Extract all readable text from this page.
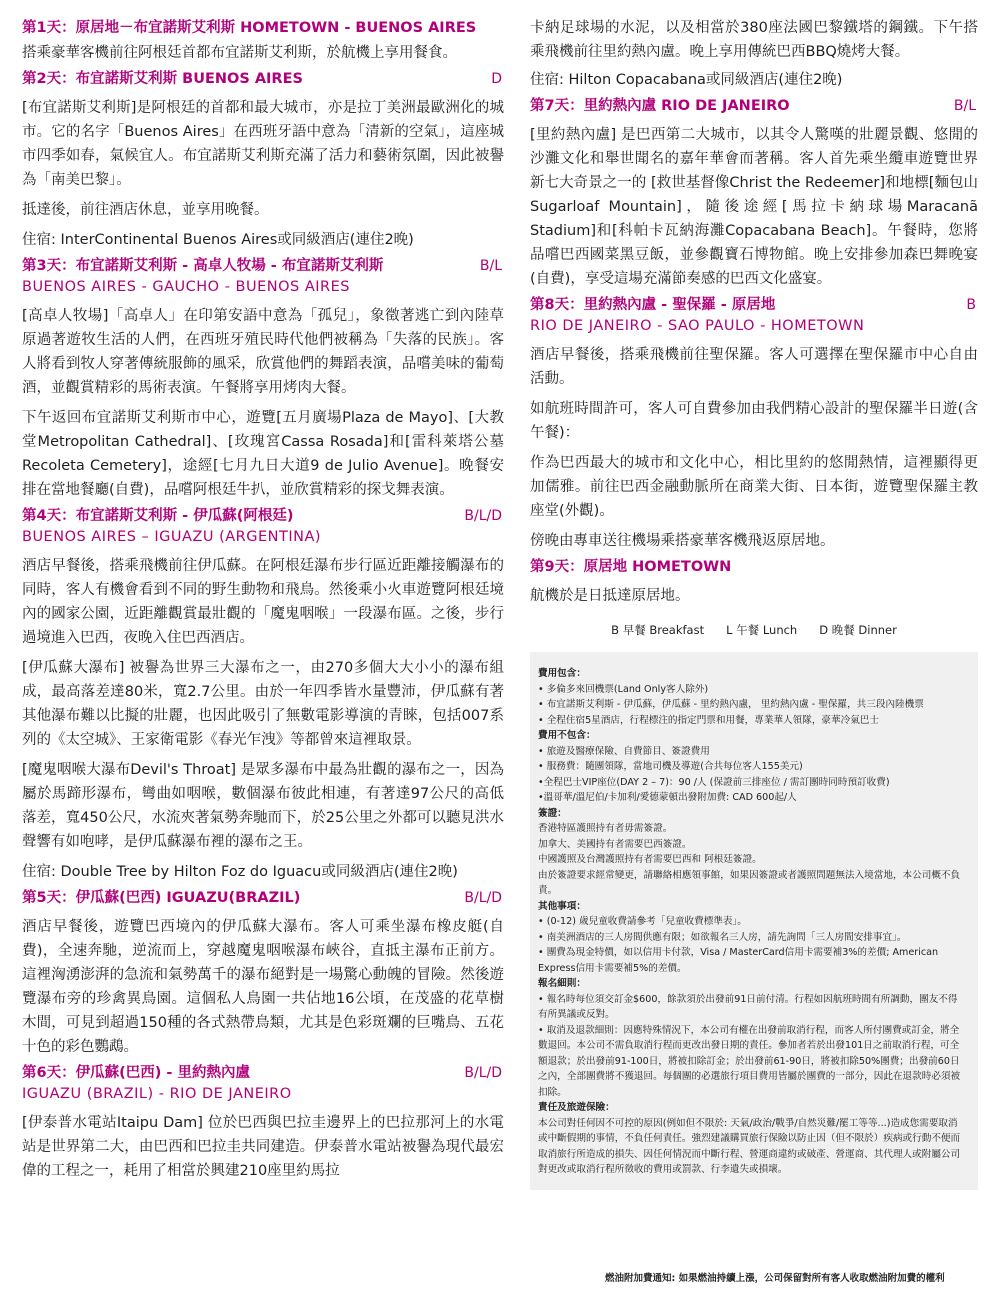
第1天：原居地－布宜諾斯艾利斯 HOMETOWN - BUENOS AIRES
搭乘豪華客機前往阿根廷首都布宜諾斯艾利斯，於航機上享用餐食。
第2天：布宜諾斯艾利斯 BUENOS AIRES	D
[布宜諾斯艾利斯]是阿根廷的首都和最大城市，亦是拉丁美洲最歐洲化的城市。它的名字「Buenos Aires」在西班牙語中意為「清新的空氣」，這座城市四季如春，氣候宜人。布宜諾斯艾利斯充滿了活力和藝術氛圍，因此被譽為「南美巴黎」。
抵達後，前往酒店休息，並享用晚餐。
住宿: InterContinental Buenos Aires或同級酒店(連住2晚)
第3天：布宜諾斯艾利斯 - 高卓人牧場 - 布宜諾斯艾利斯	B/L
BUENOS AIRES - GAUCHO - BUENOS AIRES
[高卓人牧場]「高卓人」在印第安語中意為「孤兒」，象徵著逃亡到內陸草原過著遊牧生活的人們，在西班牙殖民時代他們被稱為「失落的民族」。客人將看到牧人穿著傳統服飾的風采，欣賞他們的舞蹈表演，品嚐美味的葡萄酒，並觀賞精彩的馬術表演。午餐將享用烤肉大餐。
下午返回布宜諾斯艾利斯市中心，遊覽[五月廣場Plaza de Mayo]、[大教堂Metropolitan Cathedral]、[玫瑰宮Cassa Rosada]和[雷科萊塔公墓Recoleta Cemetery]，途經[七月九日大道9 de Julio Avenue]。晚餐安排在當地餐廳(自費)，品嚐阿根廷牛扒，並欣賞精彩的探戈舞表演。
第4天：布宜諾斯艾利斯 - 伊瓜蘇(阿根廷)	B/L/D
BUENOS AIRES – IGUAZU (ARGENTINA)
酒店早餐後，搭乘飛機前往伊瓜蘇。在阿根廷瀑布步行區近距離接觸瀑布的同時，客人有機會看到不同的野生動物和飛鳥。然後乘小火車遊覽阿根廷境內的國家公園，近距離觀賞最壯觀的「魔鬼咽喉」一段瀑布區。之後，步行過境進入巴西，夜晚入住巴西酒店。
[伊瓜蘇大瀑布] 被譽為世界三大瀑布之一，由270多個大大小小的瀑布組成，最高落差達80米，寬2.7公里。由於一年四季皆水量豐沛，伊瓜蘇有著其他瀑布難以比擬的壯麗，也因此吸引了無數電影導演的青睞，包括007系列的《太空城》、王家衛電影《春光乍洩》等都曾來這裡取景。
[魔鬼咽喉大瀑布Devil's Throat] 是眾多瀑布中最為壯觀的瀑布之一，因為屬於馬蹄形瀑布，彎曲如咽喉，數個瀑布彼此相連，有著達97公尺的高低落差，寬450公尺，水流夾著氣勢奔馳而下，於25公里之外都可以聽見洪水聲響有如咆哮，是伊瓜蘇瀑布裡的瀑布之王。
住宿: Double Tree by Hilton Foz do Iguacu或同級酒店(連住2晚)
第5天：伊瓜蘇(巴西) IGUAZU(BRAZIL)	B/L/D
酒店早餐後，遊覽巴西境內的伊瓜蘇大瀑布。客人可乘坐瀑布橡皮艇(自費)，全速奔馳，逆流而上，穿越魔鬼咽喉瀑布峽谷，直抵主瀑布正前方。這裡洶湧澎湃的急流和氣勢萬千的瀑布絕對是一場驚心動魄的冒險。然後遊覽瀑布旁的珍禽異鳥園。這個私人鳥園一共佔地16公頃，在茂盛的花草樹木間，可見到超過150種的各式熱帶鳥類，尤其是色彩斑斕的巨嘴鳥、五花十色的彩色鸚鵡。
第6天：伊瓜蘇(巴西) - 里約熱內盧	B/L/D
IGUAZU (BRAZIL) - RIO DE JANEIRO
[伊泰普水電站Itaipu Dam] 位於巴西與巴拉圭邊界上的巴拉那河上的水電站是世界第二大，由巴西和巴拉圭共同建造。伊泰普水電站被譽為現代最宏偉的工程之一，耗用了相當於興建210座里約馬拉
卡納足球場的水泥，以及相當於380座法國巴黎鐵塔的鋼鐵。下午搭乘飛機前往里約熱內盧。晚上享用傳統巴西BBQ燒烤大餐。
住宿: Hilton Copacabana或同級酒店(連住2晚)
第7天：里約熱內盧 RIO DE JANEIRO	B/L
[里約熱內盧] 是巴西第二大城市，以其令人驚嘆的壯麗景觀、悠閒的沙灘文化和舉世聞名的嘉年華會而著稱。客人首先乘坐纜車遊覽世界新七大奇景之一的 [救世基督像Christ the Redeemer]和地標[麵包山Sugarloaf Mountain]，隨後途經[馬拉卡納球場Maracanã Stadium]和[科帕卡瓦納海灘Copacabana Beach]。午餐時，您將品嚐巴西國菜黑豆飯，並參觀寶石博物館。晚上安排參加森巴舞晚宴(自費)，享受這場充滿節奏感的巴西文化盛宴。
第8天：里約熱內盧 - 聖保羅 - 原居地	B
RIO DE JANEIRO - SAO PAULO - HOMETOWN
酒店早餐後，搭乘飛機前往聖保羅。客人可選擇在聖保羅市中心自由活動。
如航班時間許可，客人可自費參加由我們精心設計的聖保羅半日遊(含午餐)：
作為巴西最大的城市和文化中心，相比里約的悠閒熱情，這裡顯得更加儒雅。前往巴西金融動脈所在商業大街、日本街，遊覽聖保羅主教座堂(外觀)。
傍晚由專車送往機場乘搭豪華客機飛返原居地。
第9天：原居地 HOMETOWN
航機於是日抵達原居地。
B 早餐 Breakfast L 午餐 Lunch D 晚餐 Dinner
費用包含：
• 多倫多來回機票(Land Only客人除外)
• 布宜諾斯艾利斯 - 伊瓜蘇，伊瓜蘇 - 里約熱內盧， 里約熱內盧 - 聖保羅，共三段內陸機票
• 全程住宿5星酒店，行程標注的指定門票和用餐，專業華人領隊，豪華冷氣巴士
費用不包含：
• 旅遊及醫療保險、自費節目、簽證費用
• 服務費：隨團領隊，當地司機及導遊(合共每位客人155美元)
•全程巴士VIP座位(DAY 2 – 7)：90 /人 (保證前三排座位 / 需訂團時同時預訂收費)
•溫哥華/溫尼伯/卡加利/愛德蒙頓出發附加費: CAD 600起/人
簽證：
香港特區護照持有者毋需簽證。
加拿大、美國持有者需要巴西簽證。
中國護照及台灣護照持有者需要巴西和 阿根廷簽證。
由於簽證要求經常變更，請聯絡相應領事館，如果因簽證或者護照問題無法入境當地，本公司概不負責。
其他事項：
• (0-12) 歲兒童收費請參考「兒童收費標準表」。
• 南美洲酒店的三人房間供應有限；如欲報名三人房，請先詢問「三人房間安排事宜」。
• 團費為現金特價，如以信用卡付款，Visa / MasterCard信用卡需要補3%的差價; American Express信用卡需要補5%的差價。
報名細則：
• 報名時每位須交訂金$600，餘款須於出發前91日前付清。行程如因航班時間有所調動，團友不得有所異議或反對。
• 取消及退款細則：因應特殊情況下，本公司有權在出發前取消行程，而客人所付團費或訂金，將全數退回。本公司不需負取消行程而更改出發日期的責任。參加者若於出發101日之前取消行程，可全額退款；於出發前91-100日，將被扣除訂金；於出發前61-90日，將被扣除50%團費；出發前60日之內，全部團費將不獲退回。每個團的必選旅行項目費用皆屬於團費的一部分，因此在退款時必須被扣除。
責任及旅遊保險：
本公司對任何因不可控的原因(例如但不限於: 天氣/政治/戰爭/自然災難/罷工等等...)造成您需要取消或中斷假期的事情，不負任何責任。強烈建議購買旅行保險以防止因（但不限於）疾病或行動不便而取消旅行所造成的損失、因任何情況而中斷行程、營運商違約或破產、營運商、其代理人或附屬公司對更改或取消行程所徵收的費用或罰款、行李遺失或損壞。
燃油附加費通知: 如果燃油持續上漲，公司保留對所有客人收取燃油附加費的權利
